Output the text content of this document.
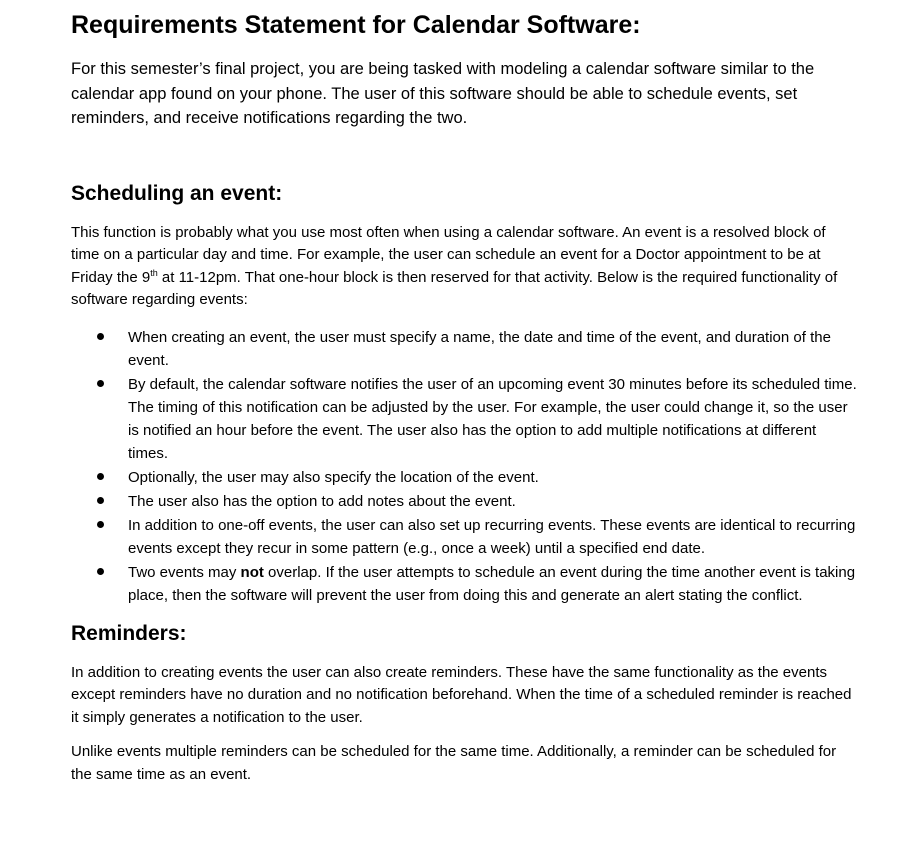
Requirements Statement for Calendar Software:

For this semester’s final project, you are being tasked with modeling a calendar software similar to the calendar app found on your phone. The user of this software should be able to schedule events, set reminders, and receive notifications regarding the two.

Scheduling an event:

This function is probably what you use most often when using a calendar software. An event is a resolved block of time on a particular day and time. For example, the user can schedule an event for a Doctor appointment to be at Friday the 9th at 11-12pm. That one-hour block is then reserved for that activity. Below is the required functionality of software regarding events:

When creating an event, the user must specify a name, the date and time of the event, and duration of the event.
By default, the calendar software notifies the user of an upcoming event 30 minutes before its scheduled time. The timing of this notification can be adjusted by the user. For example, the user could change it, so the user is notified an hour before the event. The user also has the option to add multiple notifications at different times.
Optionally, the user may also specify the location of the event.
The user also has the option to add notes about the event.
In addition to one-off events, the user can also set up recurring events. These events are identical to recurring events except they recur in some pattern (e.g., once a week) until a specified end date.
Two events may not overlap. If the user attempts to schedule an event during the time another event is taking place, then the software will prevent the user from doing this and generate an alert stating the conflict.
Reminders:

In addition to creating events the user can also create reminders. These have the same functionality as the events except reminders have no duration and no notification beforehand. When the time of a scheduled reminder is reached it simply generates a notification to the user.

Unlike events multiple reminders can be scheduled for the same time. Additionally, a reminder can be scheduled for the same time as an event.
